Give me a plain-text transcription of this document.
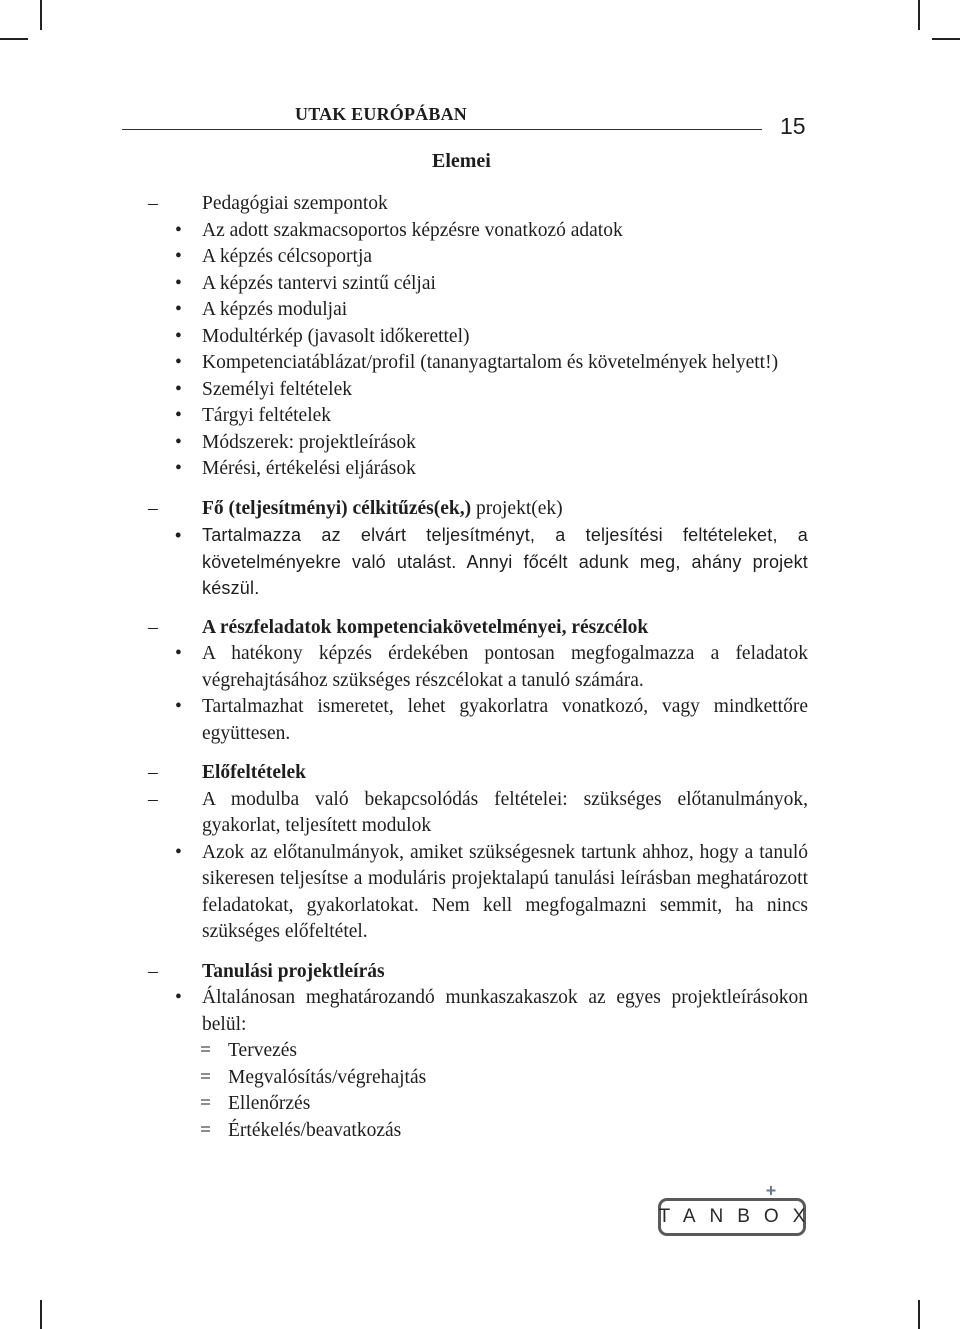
UTAK EURÓPÁBAN	15
Elemei
– Pedagógiai szempontok
• Az adott szakmacsoportos képzésre vonatkozó adatok
• A képzés célcsoportja
• A képzés tantervi szintű céljai
• A képzés moduljai
• Modultérkép (javasolt időkerettel)
• Kompetenciatáblázat/profil (tananyagtartalom és követelmények helyett!)
• Személyi feltételek
• Tárgyi feltételek
• Módszerek: projektleírások
• Mérési, értékelési eljárások
– Fő (teljesítményi) célkitűzés(ek,) projekt(ek)
• Tartalmazza az elvárt teljesítményt, a teljesítési feltételeket, a követelményekre való utalást. Annyi főcélt adunk meg, ahány projekt készül.
– A részfeladatok kompetenciakövetelményei, részcélok
• A hatékony képzés érdekében pontosan megfogalmazza a feladatok végrehajtásához szükséges részcélokat a tanuló számára.
• Tartalmazhat ismeretet, lehet gyakorlatra vonatkozó, vagy mindkettőre együttesen.
– Előfeltételek
– A modulba való bekapcsolódás feltételei: szükséges előtanulmányok, gyakorlat, teljesített modulok
• Azok az előtanulmányok, amiket szükségesnek tartunk ahhoz, hogy a tanuló sikeresen teljesítse a moduláris projektalapú tanulási leírásban meghatározott feladatokat, gyakorlatokat. Nem kell megfogalmazni semmit, ha nincs szükséges előfeltétel.
– Tanulási projektleírás
• Általánosan meghatározandó munkaszakaszok az egyes projektleírásokon belül:
= Tervezés
= Megvalósítás/végrehajtás
= Ellenőrzés
= Értékelés/beavatkozás
TANBOX
